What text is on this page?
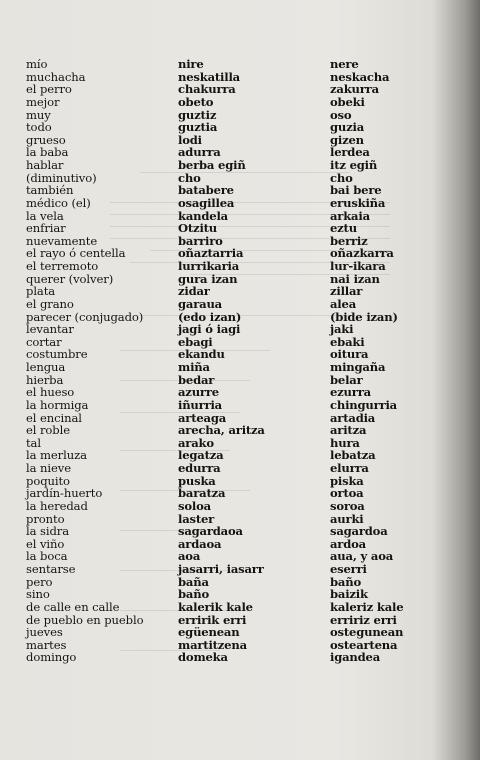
mío	nire	nere
muchacha	neskatilla	neskacha
el perro	chakurra	zakurra
mejor	obeto	obeki
muy	guztiz	oso
todo	guztia	guzia
grueso	lodi	gizen
la baba	adurra	lerdea
hablar	berba egiñ	itz egiñ
(diminutivo)	cho	cho
también	batabere	bai bere
médico (el)	osagillea	eruskiña
la vela	kandela	arkaia
enfriar	Otzitu	eztu
nuevamente	barriro	berriz
el rayo ó centella	oñaztarria	oñazkarra
el terremoto	lurrikaria	lur-ikara
querer (volver)	gura izan	nai izan
plata	zidar	zillar
el grano	garaua	alea
parecer (conjugado)	(edo izan)	(bide izan)
levantar	jagi ó iagi	jaki
cortar	ebagi	ebaki
costumbre	ekandu	oitura
lengua	miña	mingaña
hierba	bedar	belar
el hueso	azurre	ezurra
la hormiga	iñurria	chingurria
el encinal	arteaga	artadia
el roble	arecha, aritza	aritza
tal	arako	hura
la merluza	legatza	lebatza
la nieve	edurra	elurra
poquito	puska	piska
jardín-huerto	baratza	ortoa
la heredad	soloa	soroa
pronto	laster	aurki
la sidra	sagardaoa	sagardoa
el viño	ardaoa	ardoa
la boca	aoa	aua, y aoa
sentarse	jasarri, iasarr	eserri
pero	baña	baño
sino	baño	baizik
de calle en calle	kalerik kale	kaleriz kale
de pueblo en pueblo	erririk erri	erririz erri
jueves	egüenean	ostegunean
martes	martitzena	osteartena
domingo	domeka	igandea
